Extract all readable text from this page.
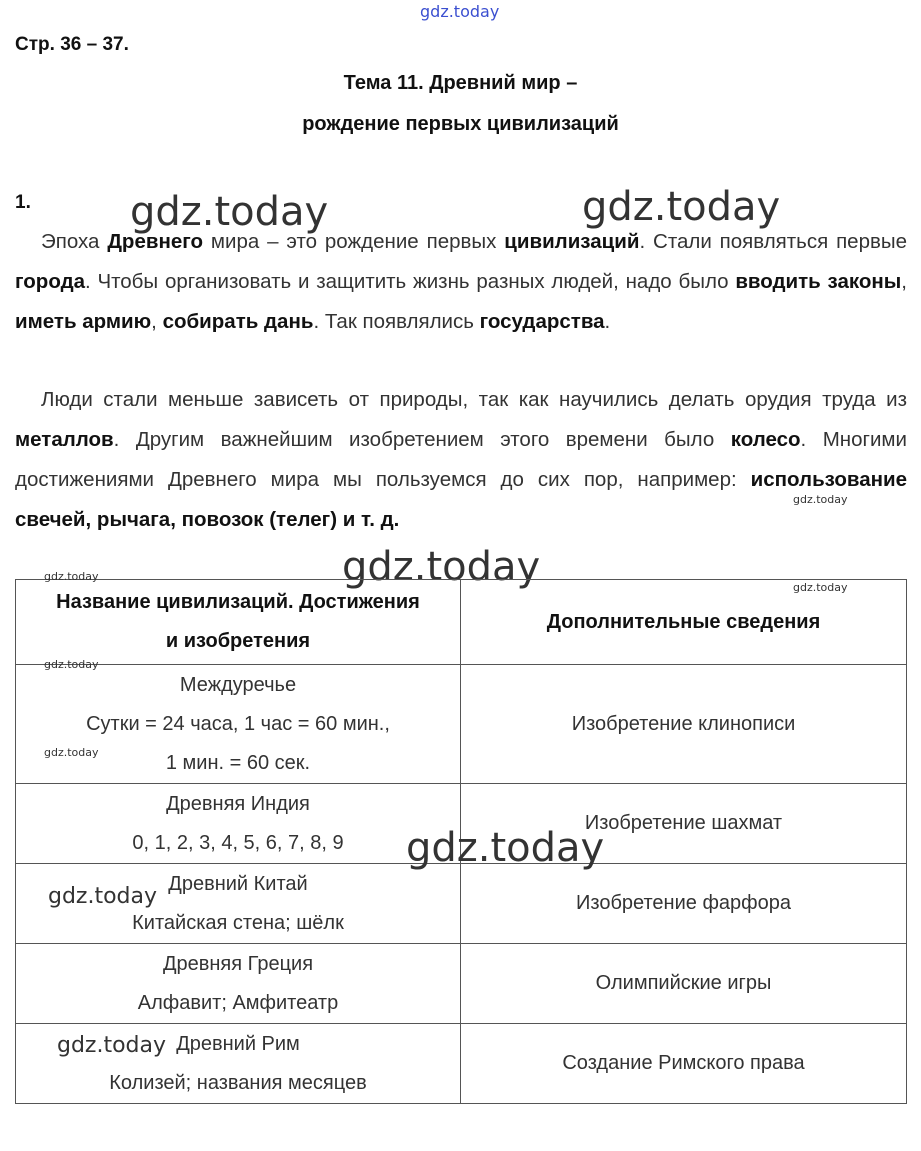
gdz.today
gdz.today	gdz.today
Стр. 36 – 37.
Тема 11. Древний мир –
рождение первых цивилизаций
1.
Эпоха Древнего мира – это рождение первых цивилизаций. Стали появляться первые города. Чтобы организовать и защитить жизнь разных людей, надо было вводить законы, иметь армию, собирать дань. Так появлялись государства.
Люди стали меньше зависеть от природы, так как научились делать орудия труда из металлов. Другим важнейшим изобретением этого времени было колесо. Многими достижениями Древнего мира мы пользуемся до сих пор, например: использование свечей, рычага, повозок (телег) и т. д.
gdz.today
gdz.today
Название цивилизаций. Достижения
и изобретения	Дополнительные сведения

Междуречье
Сутки = 24 часа, 1 час = 60 мин.,
1 мин. = 60 сек.	Изобретение клинописи

Древняя Индия
0, 1, 2, 3, 4, 5, 6, 7, 8, 9	Изобретение шахмат

Древний Китай
Китайская стена; шёлк	Изобретение фарфора

Древняя Греция
Алфавит; Амфитеатр	Олимпийские игры

Древний Рим
Колизей; названия месяцев	Создание Римского права
gdz.today
gdz.today
gdz.today
gdz.today
gdz.today
gdz.today
gdz.today
